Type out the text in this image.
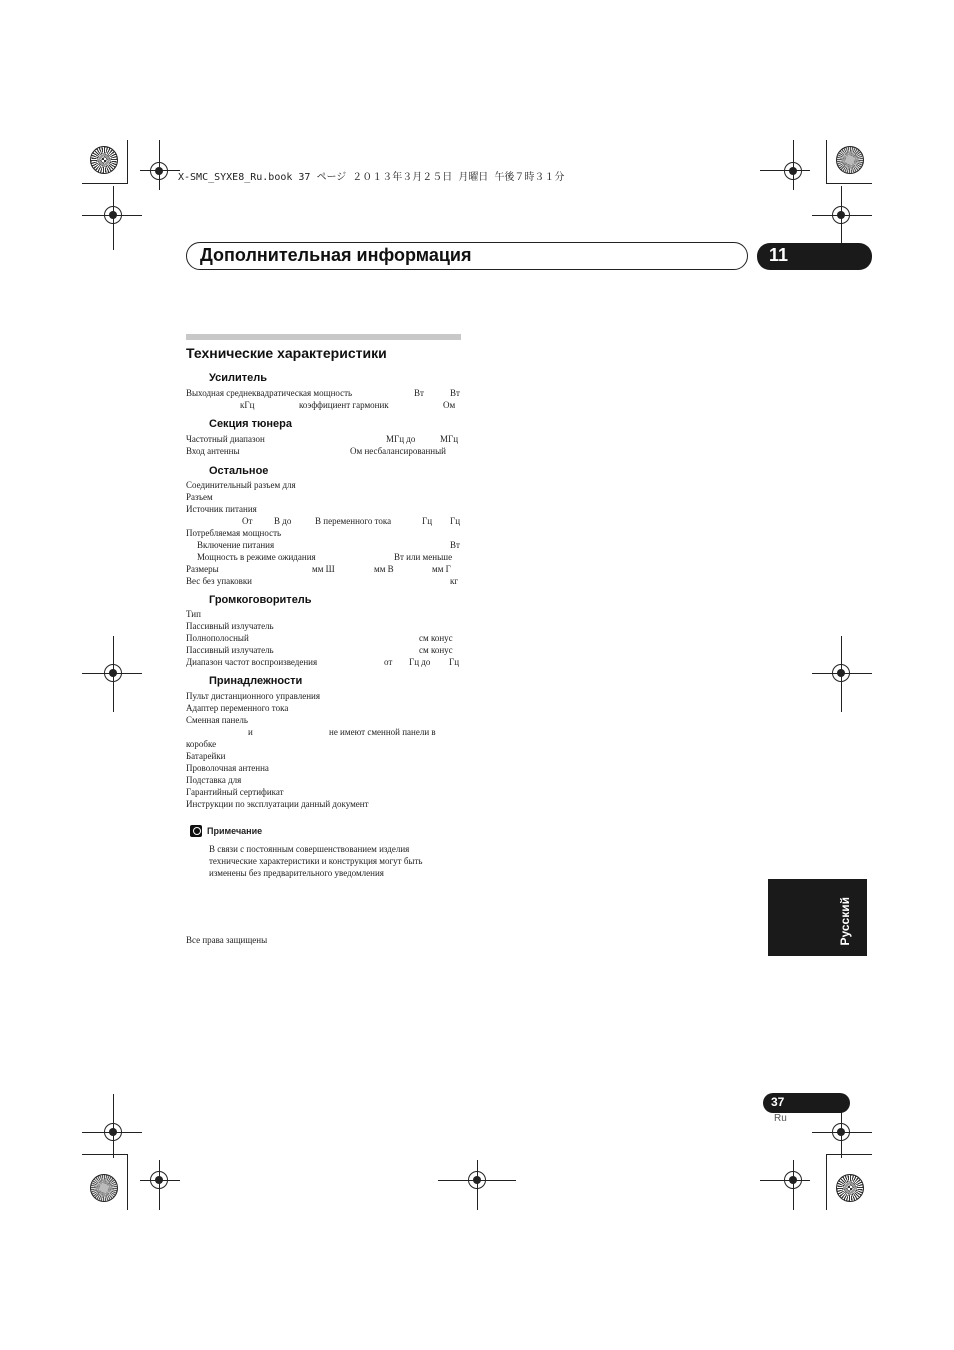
X-SMC_SYXE8_Ru.book 37 ページ ２０１３年３月２５日 月曜日 午後７時３１分
Дополнительная информация	11
Технические характеристики
Усилитель
Выходная среднеквадратическая мощность	Вт	Вт
кГц	коэффициент гармоник	Ом
Секция тюнера
Частотный диапазон	МГц до	МГц
Вход антенны	Ом несбалансированный
Остальное
Соединительный разъем для
Разъем
Источник питания
От В до	В переменного тока	Гц Гц
Потребляемая мощность
Включение питания	Вт
Мощность в режиме ожидания	Вт или меньше
Размеры	мм Ш	мм В	мм Г
Вес без упаковки	кг
Громкоговоритель
Тип
Пассивный излучатель
Полнополосный	см конус
Пассивный излучатель	см конус
Диапазон частот воспроизведения	от Гц до Гц
Принадлежности
Пульт дистанционного управления
Адаптер переменного тока
Сменная панель
и	не имеют сменной панели в
коробке
Батарейки
Проволочная антенна
Подставка для
Гарантийный сертификат
Инструкции по эксплуатации данный документ
Примечание
В связи с постоянным совершенствованием изделия
технические характеристики и конструкция могут быть
изменены без предварительного уведомления
Все права защищены	Русский
37
Ru
